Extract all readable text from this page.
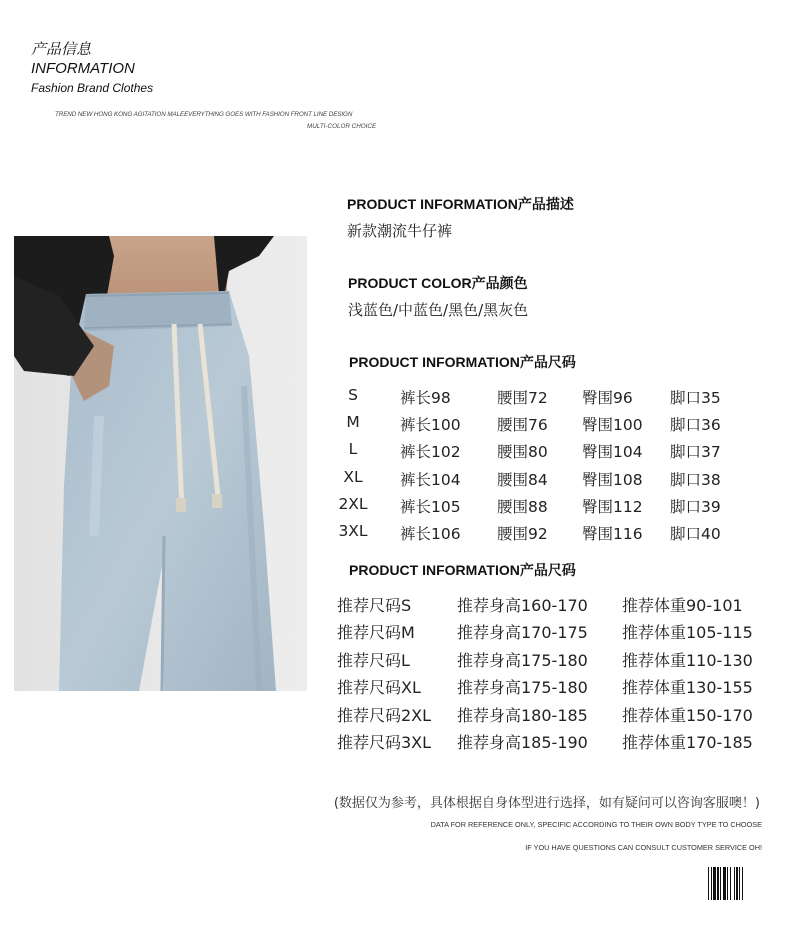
产品信息
INFORMATION
Fashion Brand Clothes
TREND NEW HONG KONG AGITATION MALEEVERYTHING GOES WITH FASHION FRONT LINE DESIGN
MULTI-COLOR CHOICE
PRODUCT INFORMATION产品描述
新款潮流牛仔裤
PRODUCT COLOR产品颜色
浅蓝色/中蓝色/黑色/黑灰色
PRODUCT INFORMATION产品尺码
S	裤长98	腰围72 臀围96 脚口35
M	裤长100 腰围76 臀围100 脚口36
L	裤长102 腰围80 臀围104 脚口37
XL	裤长104 腰围84 臀围108 脚口38
2XL 裤长105 腰围88 臀围112 脚口39
3XL 裤长106 腰围92 臀围116 脚口40
PRODUCT INFORMATION产品尺码
推荐尺码S	推荐身高160-170 推荐体重90-101
推荐尺码M	推荐身高170-175 推荐体重105-115
推荐尺码L	推荐身高175-180 推荐体重110-130
推荐尺码XL 推荐身高175-180 推荐体重130-155
推荐尺码2XL 推荐身高180-185 推荐体重150-170
推荐尺码3XL 推荐身高185-190 推荐体重170-185
(数据仅为参考，具体根据自身体型进行选择，如有疑问可以咨询客服噢！)
DATA FOR REFERENCE ONLY, SPECIFIC ACCORDING TO THEIR OWN BODY TYPE TO CHOOSE
IF YOU HAVE QUESTIONS CAN CONSULT CUSTOMER SERVICE OH!
